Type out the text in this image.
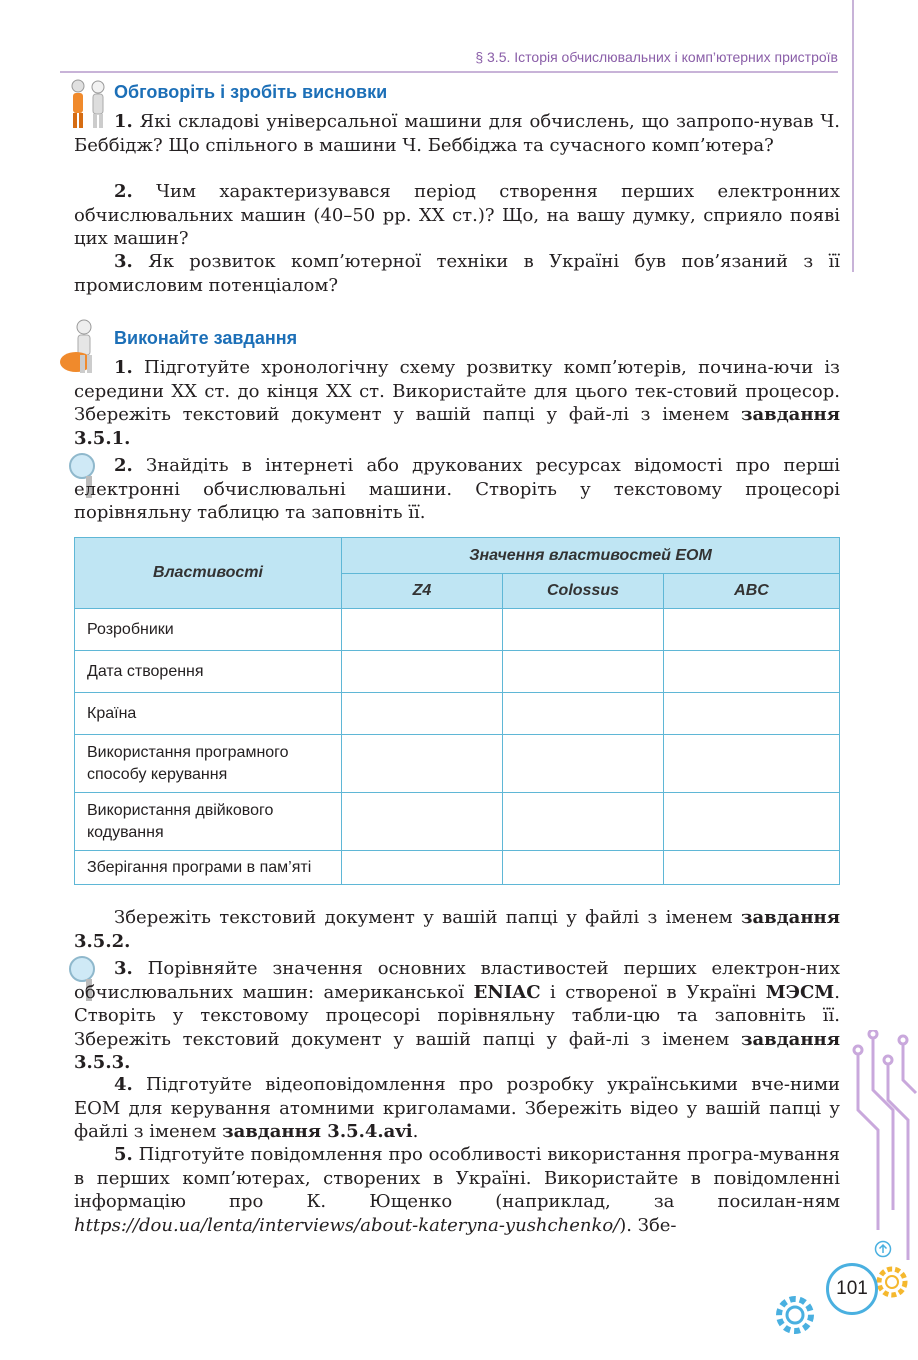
§ 3.5. Історія обчислювальних і комп’ютерних пристроїв
Обговоріть і зробіть висновки
1. Які складові універсальної машини для обчислень, що запропо-нував Ч. Беббідж? Що спільного в машини Ч. Беббіджа та сучасного комп’ютера?
2. Чим характеризувався період створення перших електронних обчислювальних машин (40–50 рр. XX ст.)? Що, на вашу думку, сприяло появі цих машин?
3. Як розвиток комп’ютерної техніки в Україні був пов’язаний з її промисловим потенціалом?
Виконайте завдання
1. Підготуйте хронологічну схему розвитку комп’ютерів, почина-ючи із середини XX ст. до кінця XX ст. Використайте для цього тек-стовий процесор. Збережіть текстовий документ у вашій папці у фай-лі з іменем завдання 3.5.1.
2. Знайдіть в інтернеті або друкованих ресурсах відомості про перші електронні обчислювальні машини. Створіть у текстовому процесорі порівняльну таблицю та заповніть її.
Властивості	Значення властивостей ЕОМ		
	Z4	Colossus	ABC
Розробники			
Дата створення			
Країна			
Використання програмного способу керування			
Використання двійкового кодування			
Зберігання програми в пам’яті			
Збережіть текстовий документ у вашій папці у файлі з іменем завдання 3.5.2.
3. Порівняйте значення основних властивостей перших електрон-них обчислювальних машин: американської ENIAC і створеної в Україні МЭСМ. Створіть у текстовому процесорі порівняльну табли-цю та заповніть її. Збережіть текстовий документ у вашій папці у фай-лі з іменем завдання 3.5.3.
4. Підготуйте відеоповідомлення про розробку українськими вче-ними ЕОМ для керування атомними криголамами. Збережіть відео у вашій папці у файлі з іменем завдання 3.5.4.avi.
5. Підготуйте повідомлення про особливості використання програ-мування в перших комп’ютерах, створених в Україні. Використайте в повідомленні інформацію про К. Ющенко (наприклад, за посилан-ням https://dou.ua/lenta/interviews/about-kateryna-yushchenko/). Збе-
101
